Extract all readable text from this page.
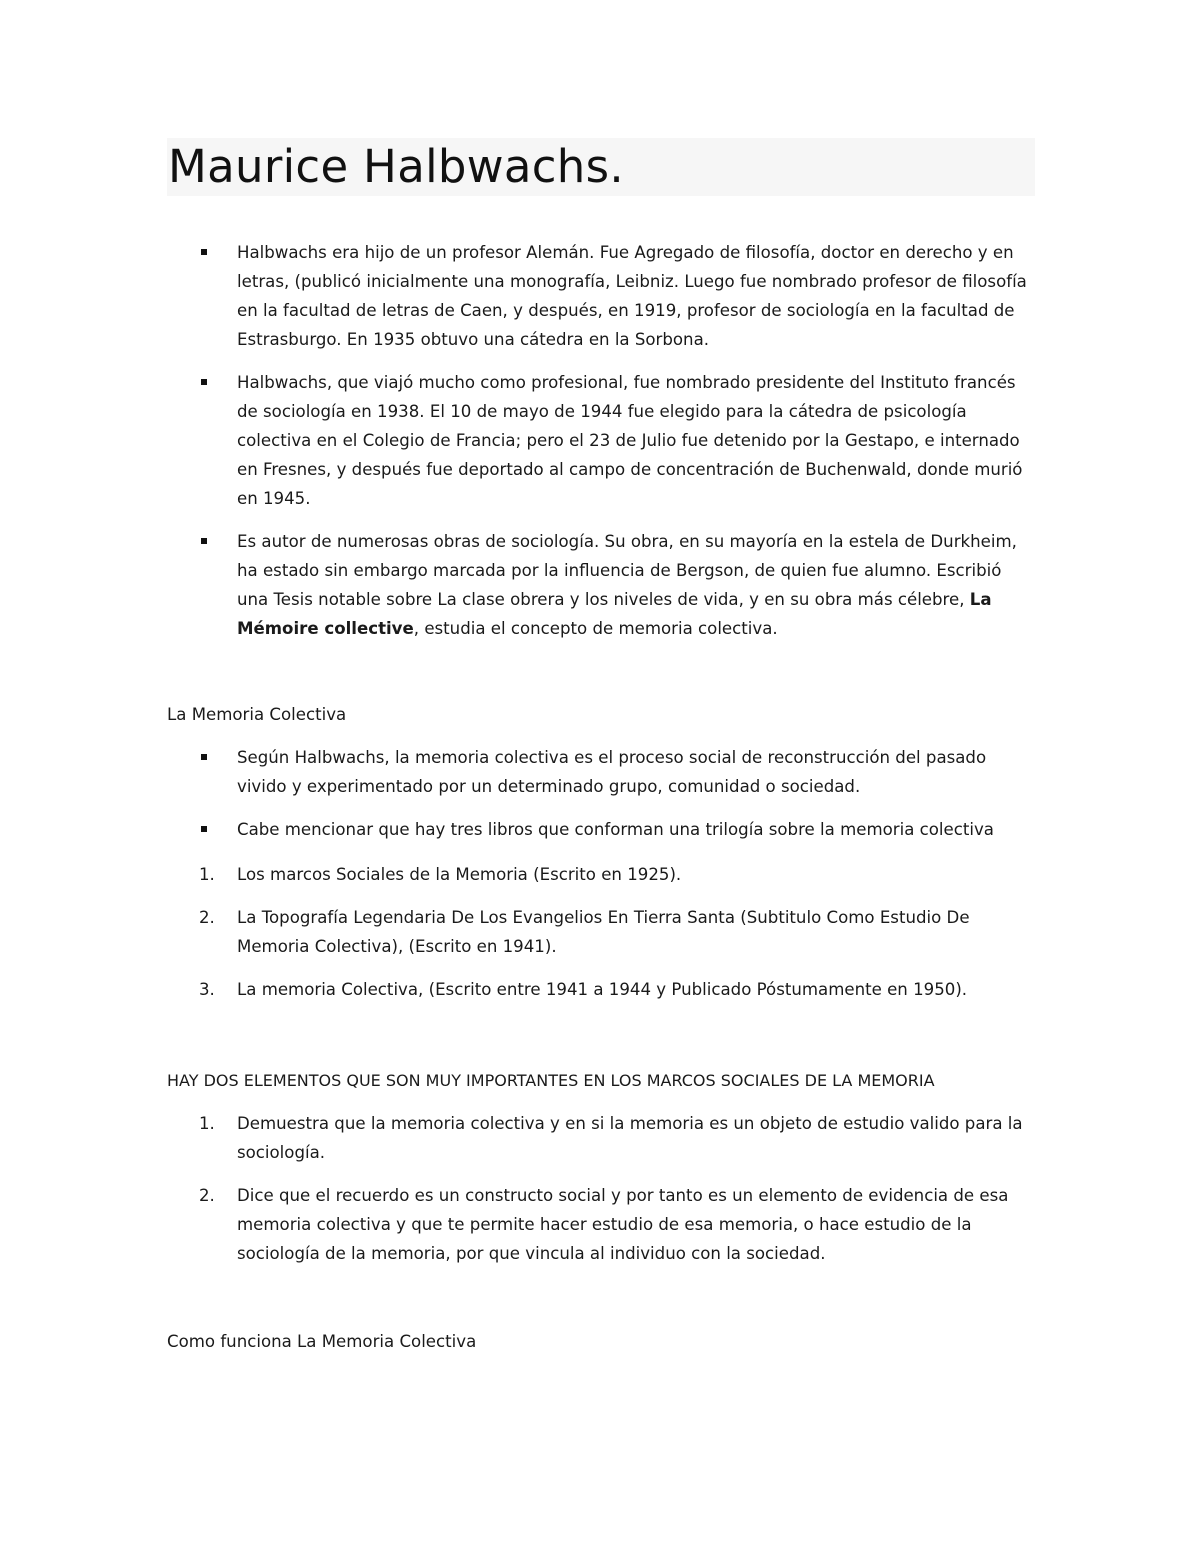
Maurice Halbwachs.
Halbwachs era hijo de un profesor Alemán. Fue Agregado de filosofía, doctor en derecho y en letras, (publicó inicialmente una monografía, Leibniz. Luego fue nombrado profesor de filosofía en la facultad de letras de Caen, y después, en 1919, profesor de sociología en la facultad de Estrasburgo. En 1935 obtuvo una cátedra en la Sorbona.
Halbwachs, que viajó mucho como profesional, fue nombrado presidente del Instituto francés de sociología en 1938. El 10 de mayo de 1944 fue elegido para la cátedra de psicología colectiva en el Colegio de Francia; pero el 23 de Julio fue detenido por la Gestapo, e internado en Fresnes, y después fue deportado al campo de concentración de Buchenwald, donde murió en 1945.
Es autor de numerosas obras de sociología. Su obra, en su mayoría en la estela de Durkheim, ha estado sin embargo marcada por la influencia de Bergson, de quien fue alumno. Escribió una Tesis notable sobre La clase obrera y los niveles de vida, y en su obra más célebre, La Mémoire collective, estudia el concepto de memoria colectiva.
La Memoria Colectiva
Según Halbwachs, la memoria colectiva es el proceso social de reconstrucción del pasado vivido y experimentado por un determinado grupo, comunidad o sociedad.
Cabe mencionar que hay tres libros que conforman una trilogía sobre la memoria colectiva
1. Los marcos Sociales de la Memoria (Escrito en 1925).
2. La Topografía Legendaria De Los Evangelios En Tierra Santa (Subtitulo Como Estudio De Memoria Colectiva), (Escrito en 1941).
3. La memoria Colectiva, (Escrito entre 1941 a 1944 y Publicado Póstumamente en 1950).
HAY DOS ELEMENTOS QUE SON MUY IMPORTANTES EN LOS MARCOS SOCIALES DE LA MEMORIA
1. Demuestra que la memoria colectiva y en si la memoria es un objeto de estudio valido para la sociología.
2. Dice que el recuerdo es un constructo social y por tanto es un elemento de evidencia de esa memoria colectiva y que te permite hacer estudio de esa memoria, o hace estudio de la sociología de la memoria, por que vincula al individuo con la sociedad.
Como funciona La Memoria Colectiva
